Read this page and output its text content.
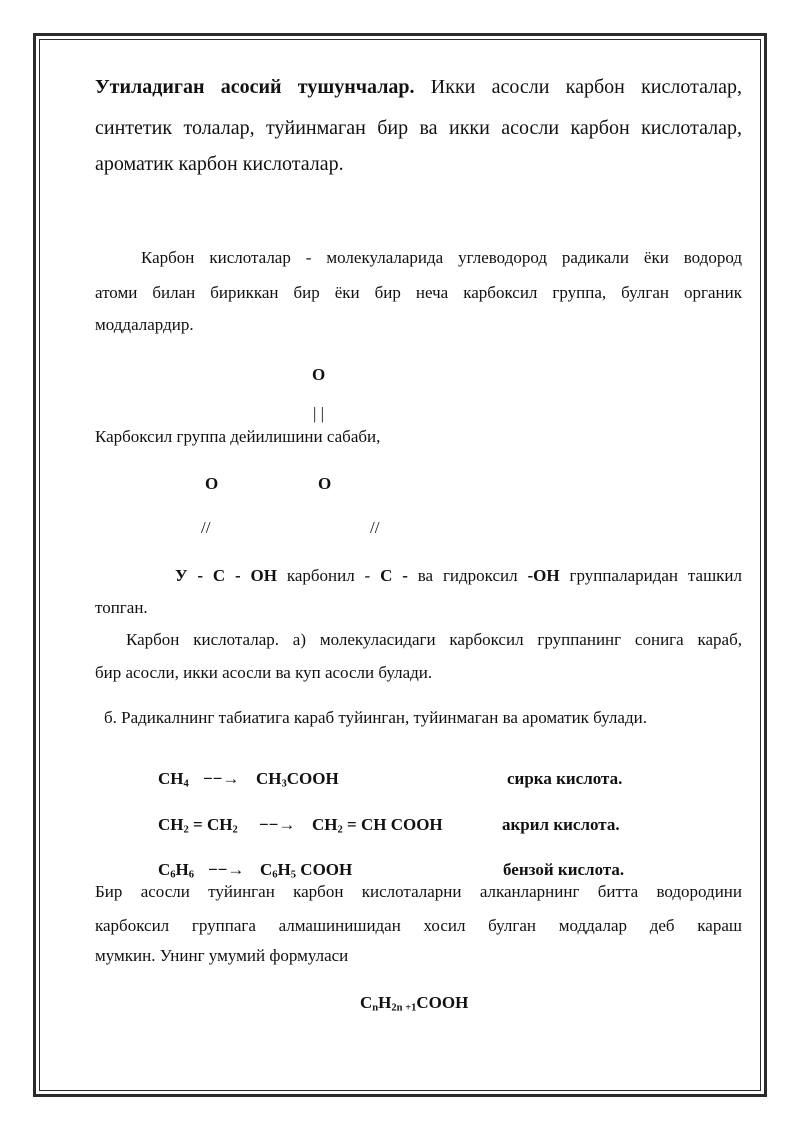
Утиладиган асосий тушунчалар. Икки асосли карбон кислоталар,
синтетик толалар, туйинмаган бир ва икки асосли карбон кислоталар,
ароматик карбон кислоталар.
Карбон кислоталар - молекулаларида углеводород радикали ёки водород
атоми билан бириккан бир ёки бир неча карбоксил группа, булган органик
моддалардир.
O
| |
Карбоксил группа дейилишини сабаби,
O	O
//	//
У - С - ОН карбонил - С - ва гидроксил -ОН группаларидан ташкил
топган.
Карбон кислоталар. а) молекуласидаги карбоксил группанинг сонига караб,
бир асосли, икки асосли ва куп асосли булади.
б. Радикалнинг табиатига караб туйинган, туйинмаган ва ароматик булади.
$CH_4$ −−→ $CH_3COOH$	сирка кислота.
$CH_2 = CH_2$ −−→ $CH_2$ = CH COOH	акрил кислота.
$C_6H_6$ −−→ $C_6H_5$ COOH	бензой кислота.
Бир асосли туйинган карбон кислоталарни алканларнинг битта водородини
карбоксил группага алмашинишидан хосил булган моддалар деб караш
мумкин. Унинг умумий формуласи
$C_nH_{2n +1}COOH$
